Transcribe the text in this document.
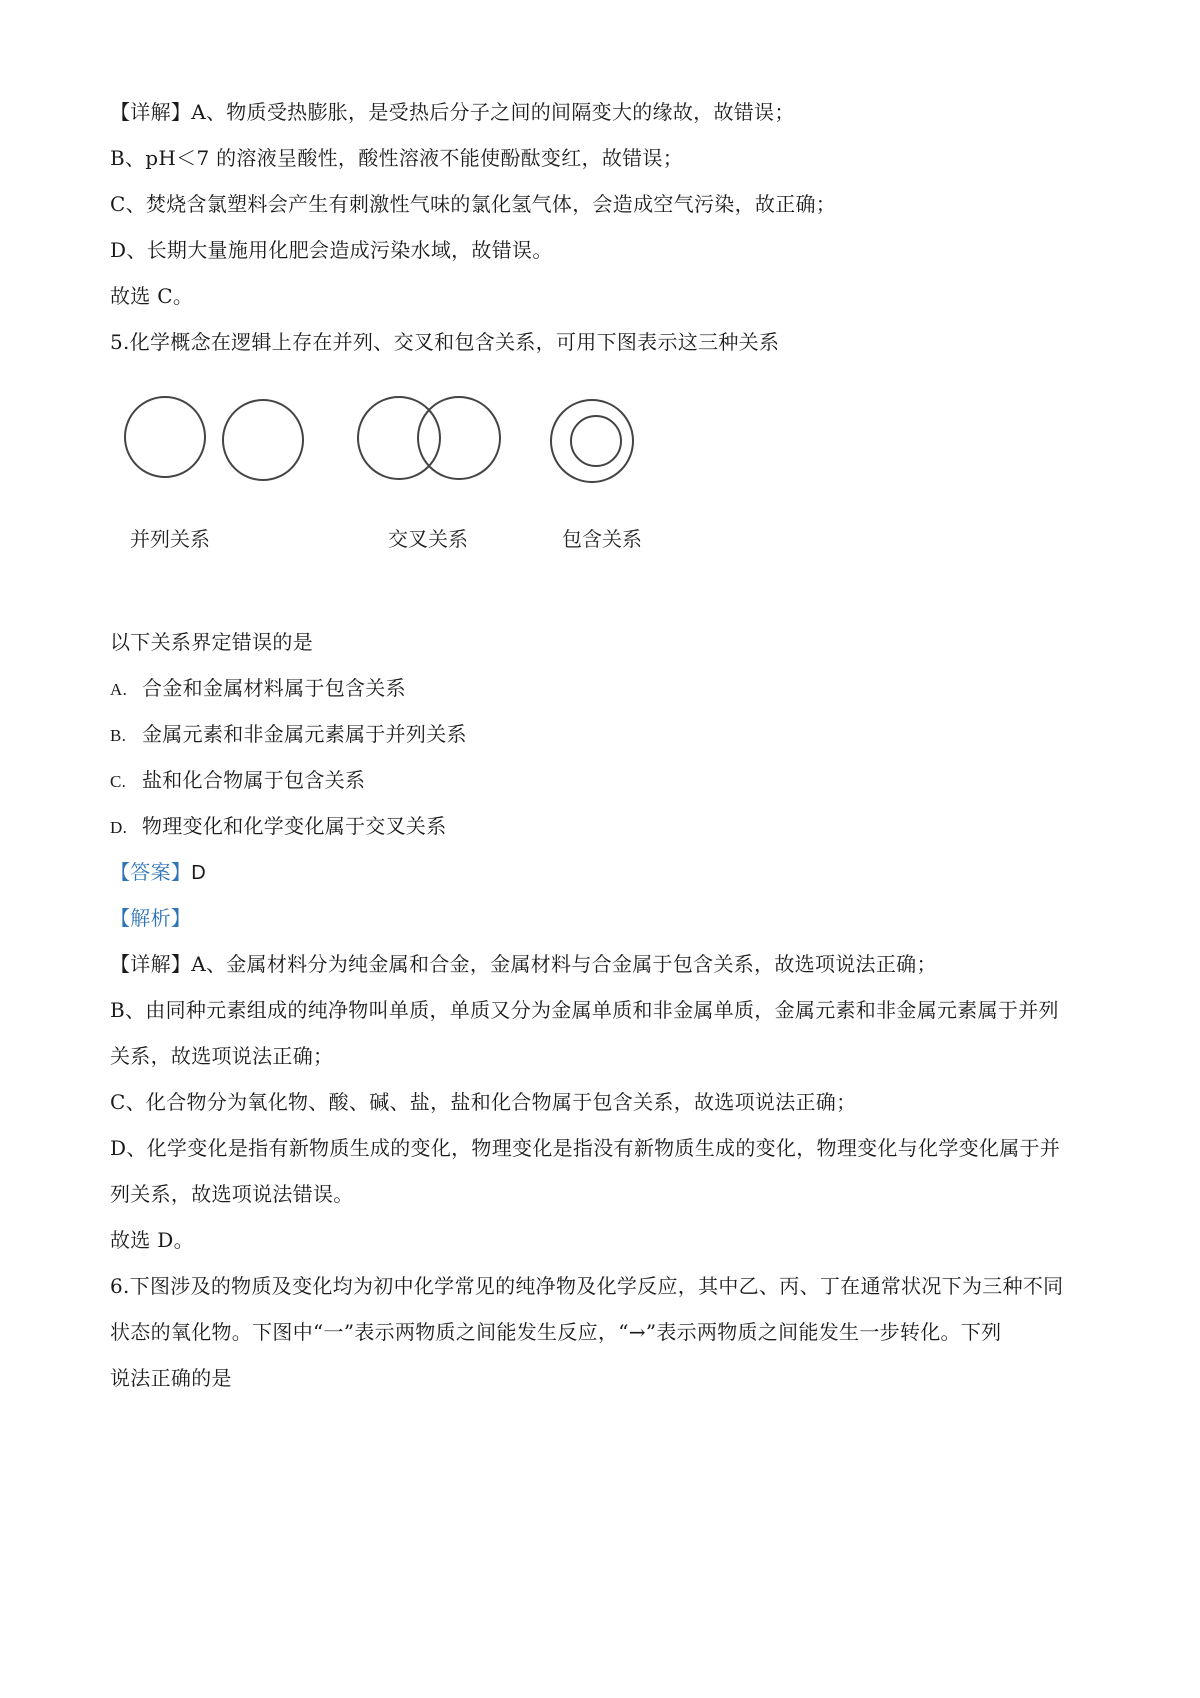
【详解】A、物质受热膨胀，是受热后分子之间的间隔变大的缘故，故错误；
B、pH＜7 的溶液呈酸性，酸性溶液不能使酚酞变红，故错误；
C、焚烧含氯塑料会产生有刺激性气味的氯化氢气体，会造成空气污染，故正确；
D、长期大量施用化肥会造成污染水域，故错误。
故选 C。
5.化学概念在逻辑上存在并列、交叉和包含关系，可用下图表示这三种关系
并列关系	交叉关系	包含关系
以下关系界定错误的是
A. 合金和金属材料属于包含关系
B. 金属元素和非金属元素属于并列关系
C. 盐和化合物属于包含关系
D. 物理变化和化学变化属于交叉关系
【答案】D
【解析】
【详解】A、金属材料分为纯金属和合金，金属材料与合金属于包含关系，故选项说法正确；
B、由同种元素组成的纯净物叫单质，单质又分为金属单质和非金属单质，金属元素和非金属元素属于并列
关系，故选项说法正确；
C、化合物分为氧化物、酸、碱、盐，盐和化合物属于包含关系，故选项说法正确；
D、化学变化是指有新物质生成的变化，物理变化是指没有新物质生成的变化，物理变化与化学变化属于并
列关系，故选项说法错误。
故选 D。
6.下图涉及的物质及变化均为初中化学常见的纯净物及化学反应，其中乙、丙、丁在通常状况下为三种不同
状态的氧化物。下图中“一”表示两物质之间能发生反应，“→”表示两物质之间能发生一步转化。下列
说法正确的是
